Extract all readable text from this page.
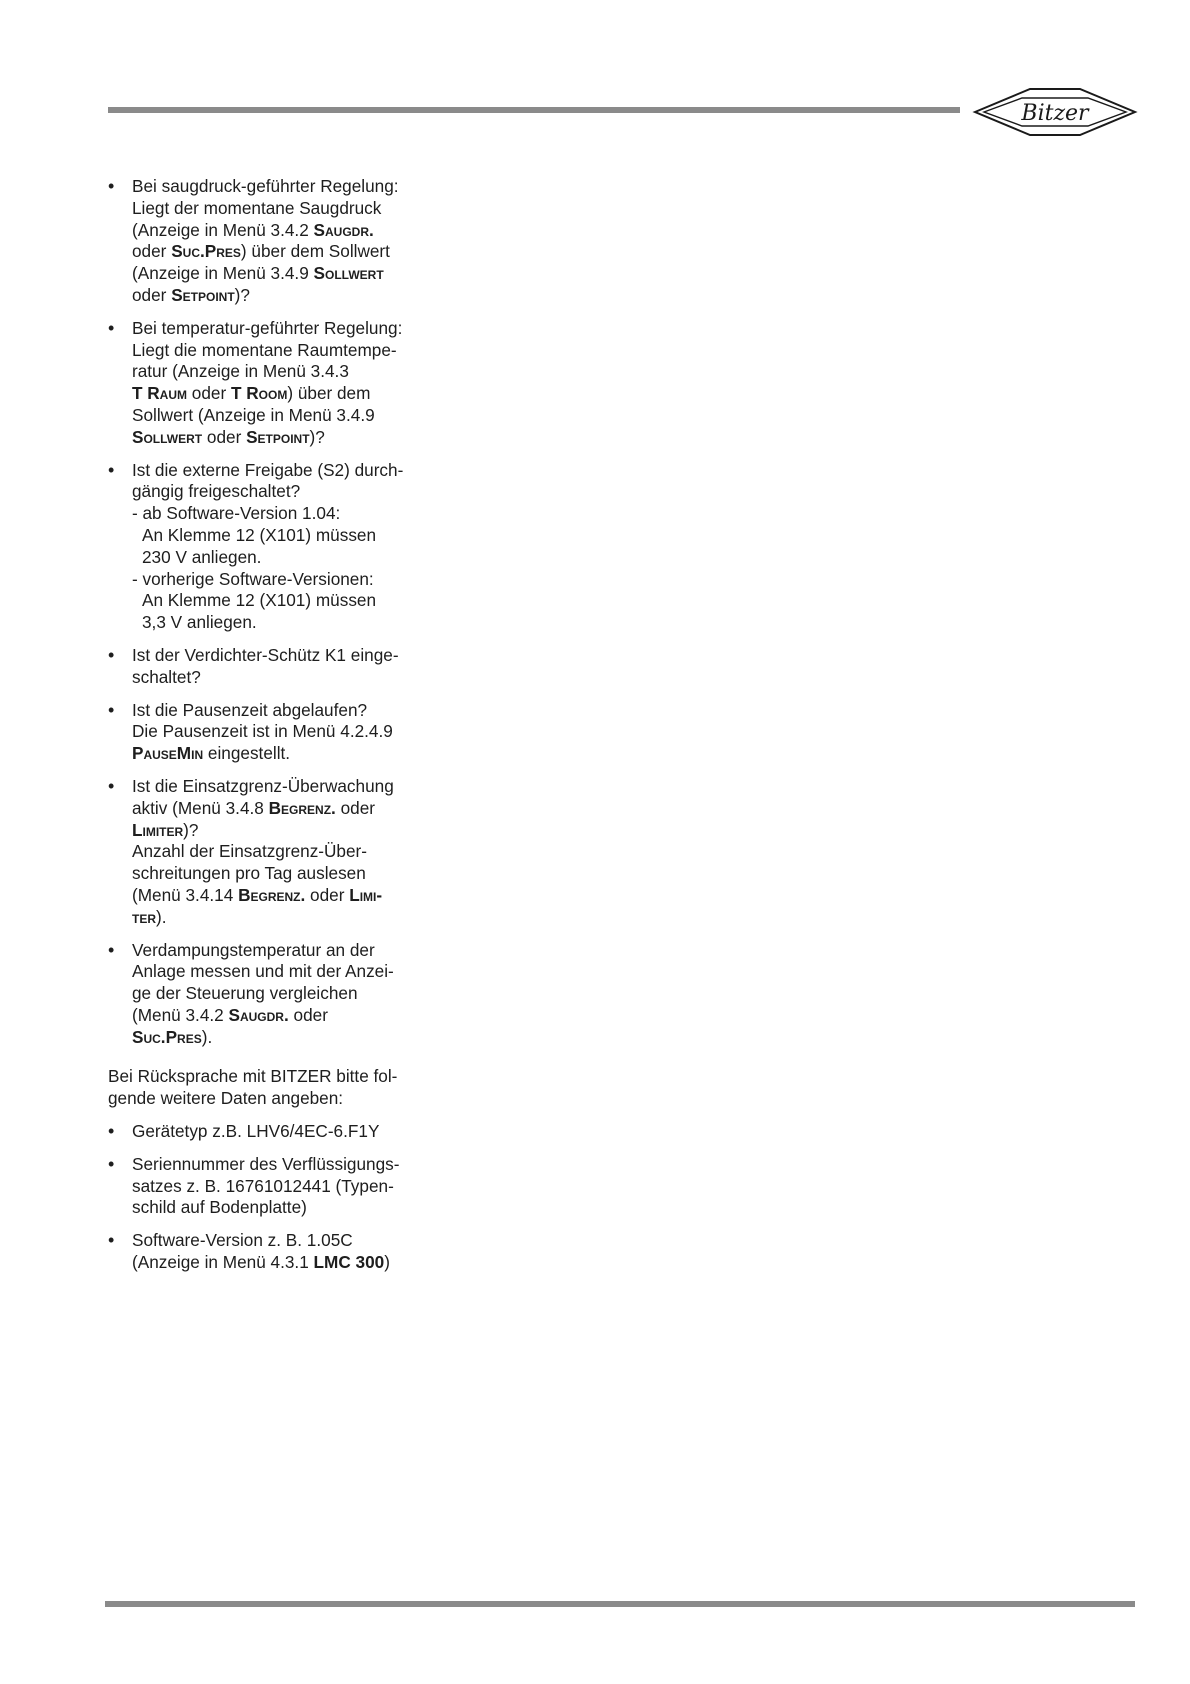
Bitzer
• Bei saugdruck-geführter Regelung:
Liegt der momentane Saugdruck
(Anzeige in Menü 3.4.2 Saugdr.
oder Suc.Pres) über dem Sollwert
(Anzeige in Menü 3.4.9 Sollwert
oder Setpoint)?
• Bei temperatur-geführter Regelung:
Liegt die momentane Raumtempe-
ratur (Anzeige in Menü 3.4.3
T Raum oder T Room) über dem
Sollwert (Anzeige in Menü 3.4.9
Sollwert oder Setpoint)?
• Ist die externe Freigabe (S2) durch-
gängig freigeschaltet?
- ab Software-Version 1.04:
An Klemme 12 (X101) müssen
230 V anliegen.
- vorherige Software-Versionen:
An Klemme 12 (X101) müssen
3,3 V anliegen.
• Ist der Verdichter-Schütz K1 einge-
schaltet?
• Ist die Pausenzeit abgelaufen?
Die Pausenzeit ist in Menü 4.2.4.9
PauseMin eingestellt.
• Ist die Einsatzgrenz-Überwachung
aktiv (Menü 3.4.8 Begrenz. oder
Limiter)?
Anzahl der Einsatzgrenz-Über-
schreitungen pro Tag auslesen
(Menü 3.4.14 Begrenz. oder Limi-
ter).
• Verdampungstemperatur an der
Anlage messen und mit der Anzei-
ge der Steuerung vergleichen
(Menü 3.4.2 Saugdr. oder
Suc.Pres).

Bei Rücksprache mit BITZER bitte fol-
gende weitere Daten angeben:

• Gerätetyp z.B. LHV6/4EC-6.F1Y
• Seriennummer des Verflüssigungs-
satzes z. B. 16761012441 (Typen-
schild auf Bodenplatte)
• Software-Version z. B. 1.05C
(Anzeige in Menü 4.3.1 LMC 300)
